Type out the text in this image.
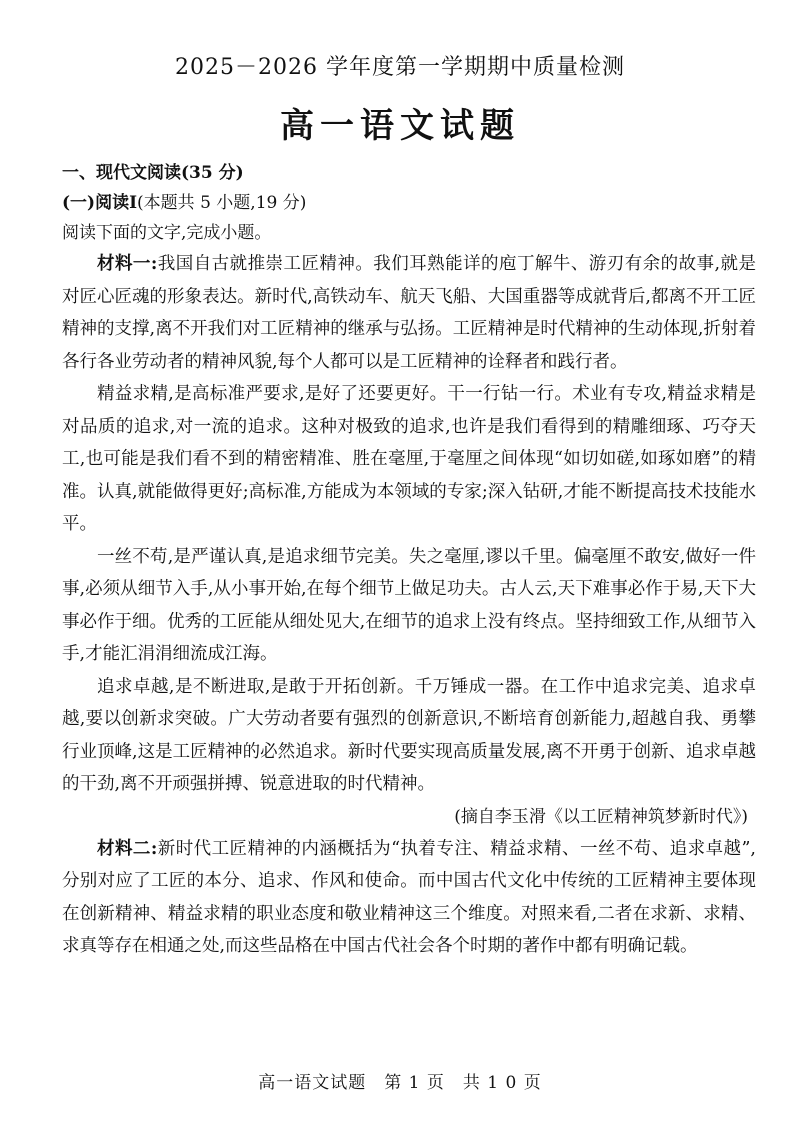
2025－2026 学年度第一学期期中质量检测
高一语文试题
一、现代文阅读(35 分)
(一)阅读Ⅰ(本题共 5 小题,19 分)
阅读下面的文字,完成小题。

材料一:我国自古就推崇工匠精神。我们耳熟能详的庖丁解牛、游刃有余的故事,就是对匠心匠魂的形象表达。新时代,高铁动车、航天飞船、大国重器等成就背后,都离不开工匠精神的支撑,离不开我们对工匠精神的继承与弘扬。工匠精神是时代精神的生动体现,折射着各行各业劳动者的精神风貌,每个人都可以是工匠精神的诠释者和践行者。

精益求精,是高标准严要求,是好了还要更好。干一行钻一行。术业有专攻,精益求精是对品质的追求,对一流的追求。这种对极致的追求,也许是我们看得到的精雕细琢、巧夺天工,也可能是我们看不到的精密精准、胜在毫厘,于毫厘之间体现“如切如磋,如琢如磨”的精准。认真,就能做得更好;高标准,方能成为本领域的专家;深入钻研,才能不断提高技术技能水平。

一丝不苟,是严谨认真,是追求细节完美。失之毫厘,谬以千里。偏毫厘不敢安,做好一件事,必须从细节入手,从小事开始,在每个细节上做足功夫。古人云,天下难事必作于易,天下大事必作于细。优秀的工匠能从细处见大,在细节的追求上没有终点。坚持细致工作,从细节入手,才能汇涓涓细流成江海。

追求卓越,是不断进取,是敢于开拓创新。千万锤成一器。在工作中追求完美、追求卓越,要以创新求突破。广大劳动者要有强烈的创新意识,不断培育创新能力,超越自我、勇攀行业顶峰,这是工匠精神的必然追求。新时代要实现高质量发展,离不开勇于创新、追求卓越的干劲,离不开顽强拼搏、锐意进取的时代精神。

(摘自李玉滑《以工匠精神筑梦新时代》)

材料二:新时代工匠精神的内涵概括为“执着专注、精益求精、一丝不苟、追求卓越”,分别对应了工匠的本分、追求、作风和使命。而中国古代文化中传统的工匠精神主要体现在创新精神、精益求精的职业态度和敬业精神这三个维度。对照来看,二者在求新、求精、求真等存在相通之处,而这些品格在中国古代社会各个时期的著作中都有明确记载。

高一语文试题　第 1 页　共 1 0 页
